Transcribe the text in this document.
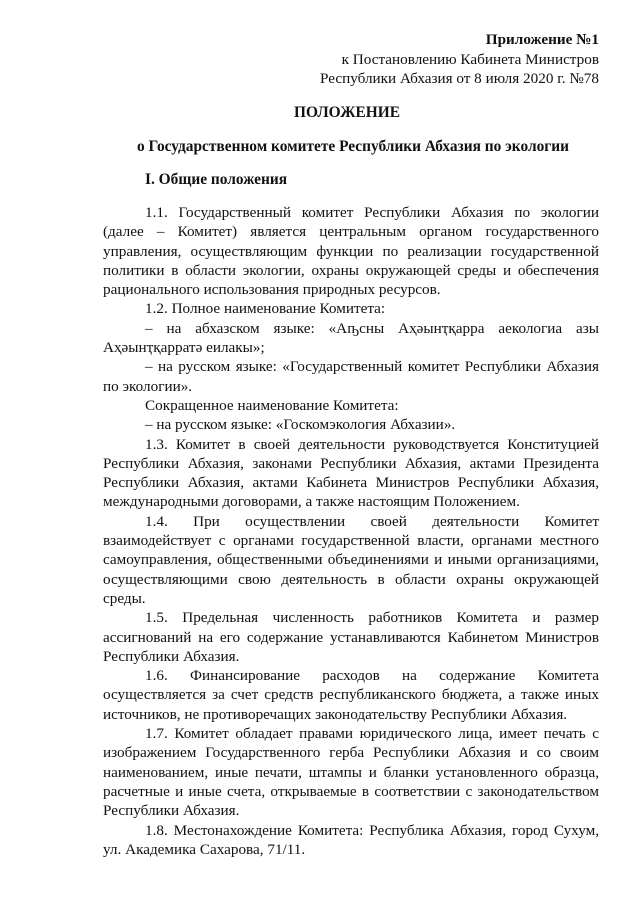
Приложение №1
к Постановлению Кабинета Министров
Республики Абхазия от 8 июля 2020 г. №78
ПОЛОЖЕНИЕ
о Государственном комитете Республики Абхазия по экологии
I. Общие положения

1.1. Государственный комитет Республики Абхазия по экологии (далее – Комитет) является центральным органом государственного управления, осуществляющим функции по реализации государственной политики в области экологии, охраны окружающей среды и обеспечения рационального использования природных ресурсов.

1.2. Полное наименование Комитета:

– на абхазском языке: «Аҧсны Аҳәынҭқарра аекологиа азы Аҳәынҭқарратә еилакы»;

– на русском языке: «Государственный комитет Республики Абхазия по экологии».

Сокращенное наименование Комитета:

– на русском языке: «Госкомэкология Абхазии».

1.3. Комитет в своей деятельности руководствуется Конституцией Республики Абхазия, законами Республики Абхазия, актами Президента Республики Абхазия, актами Кабинета Министров Республики Абхазия, международными договорами, а также настоящим Положением.

1.4. При осуществлении своей деятельности Комитет взаимодействует с органами государственной власти, органами местного самоуправления, общественными объединениями и иными организациями, осуществляющими свою деятельность в области охраны окружающей среды.

1.5. Предельная численность работников Комитета и размер ассигнований на его содержание устанавливаются Кабинетом Министров Республики Абхазия.

1.6. Финансирование расходов на содержание Комитета осуществляется за счет средств республиканского бюджета, а также иных источников, не противоречащих законодательству Республики Абхазия.

1.7. Комитет обладает правами юридического лица, имеет печать с изображением Государственного герба Республики Абхазия и со своим наименованием, иные печати, штампы и бланки установленного образца, расчетные и иные счета, открываемые в соответствии с законодательством Республики Абхазия.

1.8. Местонахождение Комитета: Республика Абхазия, город Сухум, ул. Академика Сахарова, 71/11.
